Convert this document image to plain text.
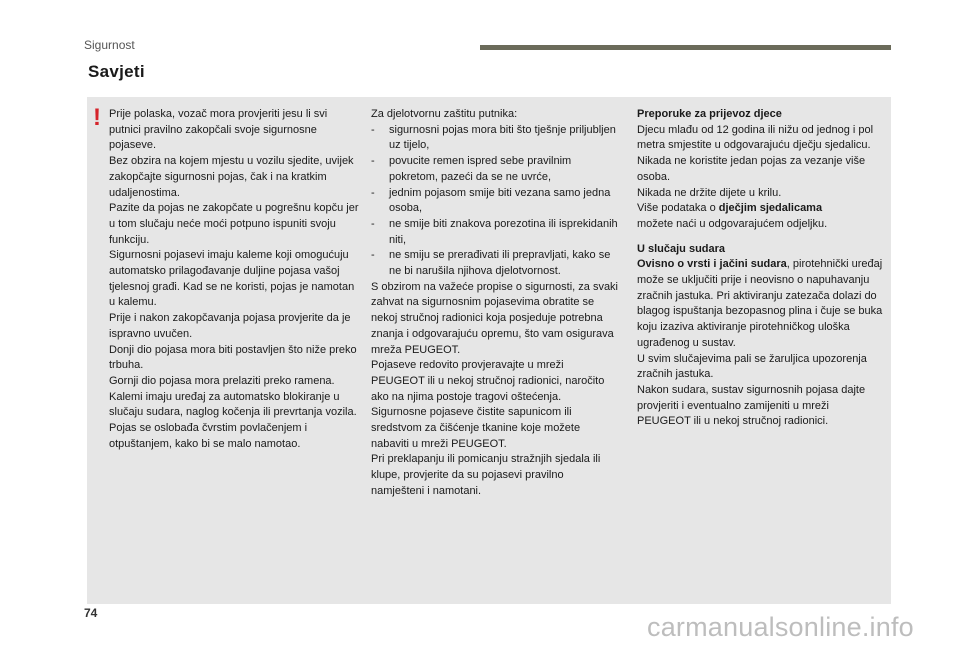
Sigurnost
Savjeti
! Prije polaska, vozač mora provjeriti jesu li svi putnici pravilno zakopčali svoje sigurnosne pojaseve.

Bez obzira na kojem mjestu u vozilu sjedite, uvijek zakopčajte sigurnosni pojas, čak i na kratkim udaljenostima.

Pazite da pojas ne zakopčate u pogrešnu kopču jer u tom slučaju neće moći potpuno ispuniti svoju funkciju.

Sigurnosni pojasevi imaju kaleme koji omogućuju automatsko prilagođavanje duljine pojasa vašoj tjelesnoj građi. Kad se ne koristi, pojas je namotan u kalemu.

Prije i nakon zakopčavanja pojasa provjerite da je ispravno uvučen.

Donji dio pojasa mora biti postavljen što niže preko trbuha.

Gornji dio pojasa mora prelaziti preko ramena.

Kalemi imaju uređaj za automatsko blokiranje u slučaju sudara, naglog kočenja ili prevrtanja vozila. Pojas se oslobađa čvrstim povlačenjem i otpuštanjem, kako bi se malo namotao.

Za djelotvornu zaštitu putnika:

-	sigurnosni pojas mora biti što tješnje priljubljen uz tijelo,
-	povucite remen ispred sebe pravilnim pokretom, pazeći da se ne uvrće,
-	jednim pojasom smije biti vezana samo jedna osoba,
-	ne smije biti znakova porezotina ili isprekidanih niti,
-	ne smiju se prerađivati ili prepravljati, kako se ne bi narušila njihova djelotvornost.

S obzirom na važeće propise o sigurnosti, za svaki zahvat na sigurnosnim pojasevima obratite se nekoj stručnoj radionici koja posjeduje potrebna znanja i odgovarajuću opremu, što vam osigurava mreža PEUGEOT.

Pojaseve redovito provjeravajte u mreži PEUGEOT ili u nekoj stručnoj radionici, naročito ako na njima postoje tragovi oštećenja.

Sigurnosne pojaseve čistite sapunicom ili sredstvom za čišćenje tkanine koje možete nabaviti u mreži PEUGEOT.

Pri preklapanju ili pomicanju stražnjih sjedala ili klupe, provjerite da su pojasevi pravilno namješteni i namotani.

Preporuke za prijevoz djece

Djecu mlađu od 12 godina ili nižu od jednog i pol metra smjestite u odgovarajuću dječju sjedalicu.

Nikada ne koristite jedan pojas za vezanje više osoba.

Nikada ne držite dijete u krilu.

Više podataka o dječjim sjedalicama
možete naći u odgovarajućem odjeljku.

U slučaju sudara

Ovisno o vrsti i jačini sudara, pirotehnički uređaj može se uključiti prije i neovisno o napuhavanju zračnih jastuka. Pri aktiviranju zatezača dolazi do blagog ispuštanja bezopasnog plina i čuje se buka koju izaziva aktiviranje pirotehničkog uloška ugrađenog u sustav.

U svim slučajevima pali se žaruljica upozorenja zračnih jastuka.

Nakon sudara, sustav sigurnosnih pojasa dajte provjeriti i eventualno zamijeniti u mreži PEUGEOT ili u nekoj stručnoj radionici.

74	carmanualsonline.info
